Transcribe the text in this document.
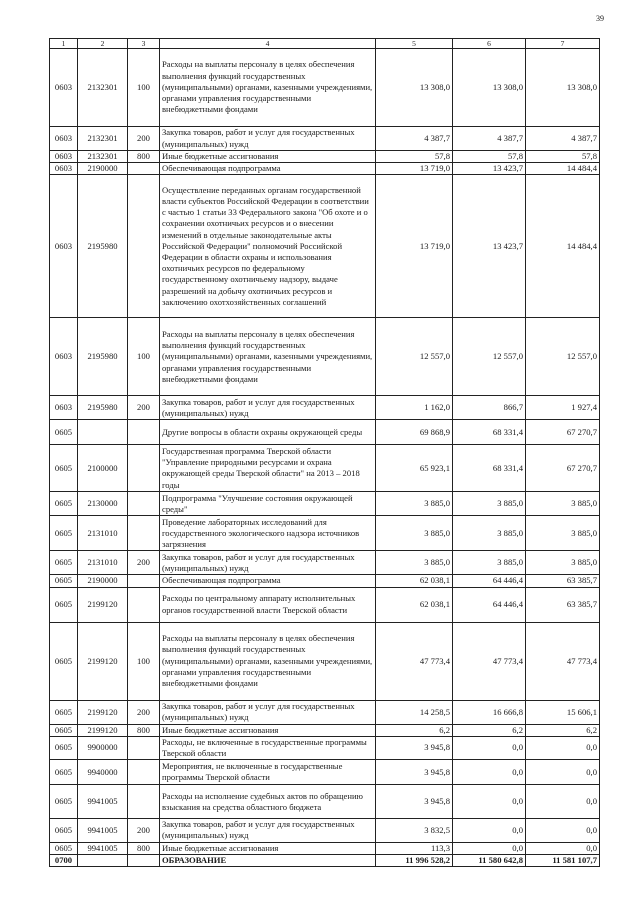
39
1	2	3	4	5	6	7
0603	2132301	100	Расходы на выплаты персоналу в целях обеспечения выполнения функций государственных (муниципальными) органами, казенными учреждениями, органами управления государственными внебюджетными фондами	13 308,0	13 308,0	13 308,0
0603	2132301	200	Закупка товаров, работ и услуг для государственных (муниципальных) нужд	4 387,7	4 387,7	4 387,7
0603	2132301	800	Иные бюджетные ассигнования	57,8	57,8	57,8
0603	2190000		Обеспечивающая подпрограмма	13 719,0	13 423,7	14 484,4
0603	2195980		Осуществление переданных органам государственной власти субъектов Российской Федерации в соответствии с частью 1 статьи 33 Федерального закона "Об охоте и о сохранении охотничьих ресурсов и о внесении изменений в отдельные законодательные акты Российской Федерации" полномочий Российской Федерации в области охраны и использования охотничьих ресурсов по федеральному государственному охотничьему надзору, выдаче разрешений на добычу охотничьих ресурсов и заключению охотхозяйственных соглашений	13 719,0	13 423,7	14 484,4
0603	2195980	100	Расходы на выплаты персоналу в целях обеспечения выполнения функций государственных (муниципальными) органами, казенными учреждениями, органами управления государственными внебюджетными фондами	12 557,0	12 557,0	12 557,0
0603	2195980	200	Закупка товаров, работ и услуг для государственных (муниципальных) нужд	1 162,0	866,7	1 927,4
0605			Другие вопросы в области охраны окружающей среды	69 868,9	68 331,4	67 270,7
0605	2100000		Государственная программа Тверской области "Управление природными ресурсами и охрана окружающей среды Тверской области" на 2013 – 2018 годы	65 923,1	68 331,4	67 270,7
0605	2130000		Подпрограмма "Улучшение состояния окружающей среды"	3 885,0	3 885,0	3 885,0
0605	2131010		Проведение лабораторных исследований для государственного экологического надзора источников загрязнения	3 885,0	3 885,0	3 885,0
0605	2131010	200	Закупка товаров, работ и услуг для государственных (муниципальных) нужд	3 885,0	3 885,0	3 885,0
0605	2190000		Обеспечивающая подпрограмма	62 038,1	64 446,4	63 385,7
0605	2199120		Расходы по центральному аппарату исполнительных органов государственной власти Тверской области	62 038,1	64 446,4	63 385,7
0605	2199120	100	Расходы на выплаты персоналу в целях обеспечения выполнения функций государственных (муниципальными) органами, казенными учреждениями, органами управления государственными внебюджетными фондами	47 773,4	47 773,4	47 773,4
0605	2199120	200	Закупка товаров, работ и услуг для государственных (муниципальных) нужд	14 258,5	16 666,8	15 606,1
0605	2199120	800	Иные бюджетные ассигнования	6,2	6,2	6,2
0605	9900000		Расходы, не включенные в государственные программы Тверской области	3 945,8	0,0	0,0
0605	9940000		Мероприятия, не включенные в государственные программы Тверской области	3 945,8	0,0	0,0
0605	9941005		Расходы на исполнение судебных актов по обращению взыскания на средства областного бюджета	3 945,8	0,0	0,0
0605	9941005	200	Закупка товаров, работ и услуг для государственных (муниципальных) нужд	3 832,5	0,0	0,0
0605	9941005	800	Иные бюджетные ассигнования	113,3	0,0	0,0
0700			ОБРАЗОВАНИЕ	11 996 528,2	11 580 642,8	11 581 107,7
